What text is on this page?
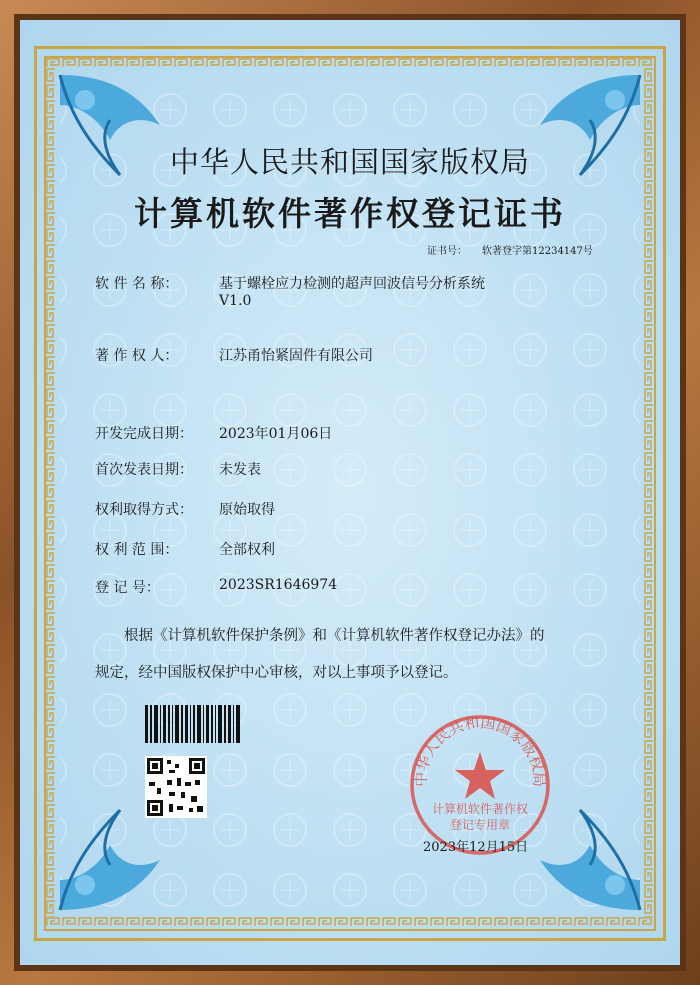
中华人民共和国国家版权局
计算机软件著作权登记证书
证书号： 软著登字第12234147号
软 件 名 称：	基于螺栓应力检测的超声回波信号分析系统
V1.0
著 作 权 人：	江苏甬怡紧固件有限公司
开发完成日期： 2023年01月06日
首次发表日期： 未发表
权利取得方式： 原始取得
权 利 范 围：	全部权利
登 记 号：	2023SR1646974
根据《计算机软件保护条例》和《计算机软件著作权登记办法》的
规定，经中国版权保护中心审核，对以上事项予以登记。
中华人民共和国国家版权局
计算机软件著作权
登记专用章
2023年12月15日
